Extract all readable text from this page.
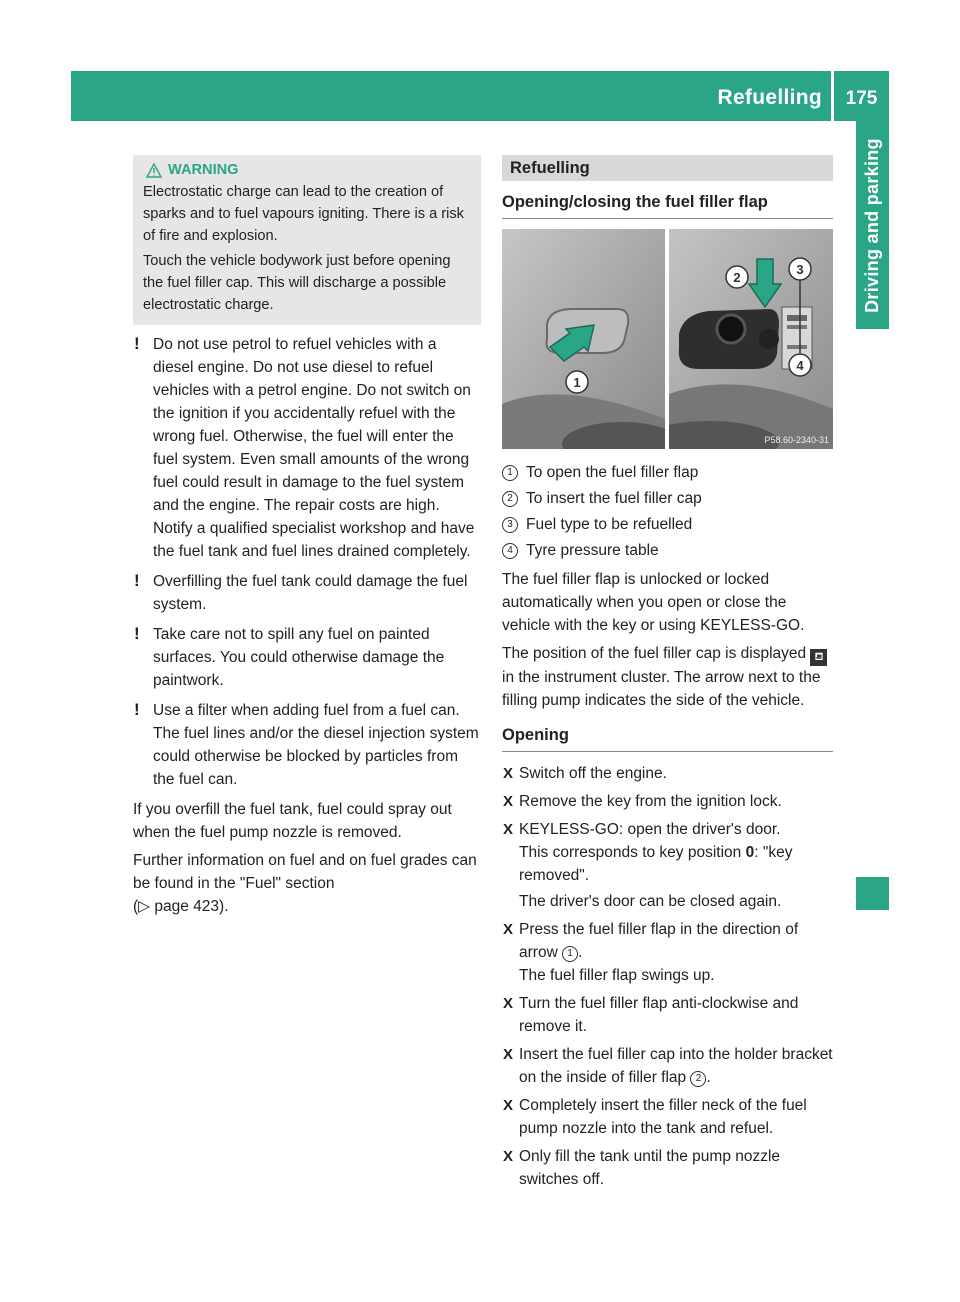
Refuelling	175
Driving and parking
WARNING

Electrostatic charge can lead to the creation of sparks and to fuel vapours igniting. There is a risk of fire and explosion.

Touch the vehicle bodywork just before opening the fuel filler cap. This will discharge a possible electrostatic charge.

! Do not use petrol to refuel vehicles with a diesel engine. Do not use diesel to refuel vehicles with a petrol engine. Do not switch on the ignition if you accidentally refuel with the wrong fuel. Otherwise, the fuel will enter the fuel system. Even small amounts of the wrong fuel could result in damage to the fuel system and the engine. The repair costs are high. Notify a qualified specialist workshop and have the fuel tank and fuel lines drained completely.
! Overfilling the fuel tank could damage the fuel system.
! Take care not to spill any fuel on painted surfaces. You could otherwise damage the paintwork.
! Use a filter when adding fuel from a fuel can. The fuel lines and/or the diesel injection system could otherwise be blocked by particles from the fuel can.

If you overfill the fuel tank, fuel could spray out when the fuel pump nozzle is removed.

Further information on fuel and on fuel grades can be found in the "Fuel" section
(▷ page 423).

Refuelling
Opening/closing the fuel filler flap
1
2
3
4
P58.60-2340-31
1 To open the fuel filler flap
2 To insert the fuel filler cap
3 Fuel type to be refuelled
4 Tyre pressure table

The fuel filler flap is unlocked or locked automatically when you open or close the vehicle with the key or using KEYLESS-GO.

The position of the fuel filler cap is displayed ⛾in the instrument cluster. The arrow next to the filling pump indicates the side of the vehicle.

Opening
X Switch off the engine.
X Remove the key from the ignition lock.
X KEYLESS-GO: open the driver's door.
This corresponds to key position 0: "key removed".
The driver's door can be closed again.
X Press the fuel filler flap in the direction of arrow 1 .
The fuel filler flap swings up.
X Turn the fuel filler flap anti-clockwise and remove it.
X Insert the fuel filler cap into the holder bracket on the inside of filler flap 2 .
X Completely insert the filler neck of the fuel pump nozzle into the tank and refuel.
X Only fill the tank until the pump nozzle switches off.
